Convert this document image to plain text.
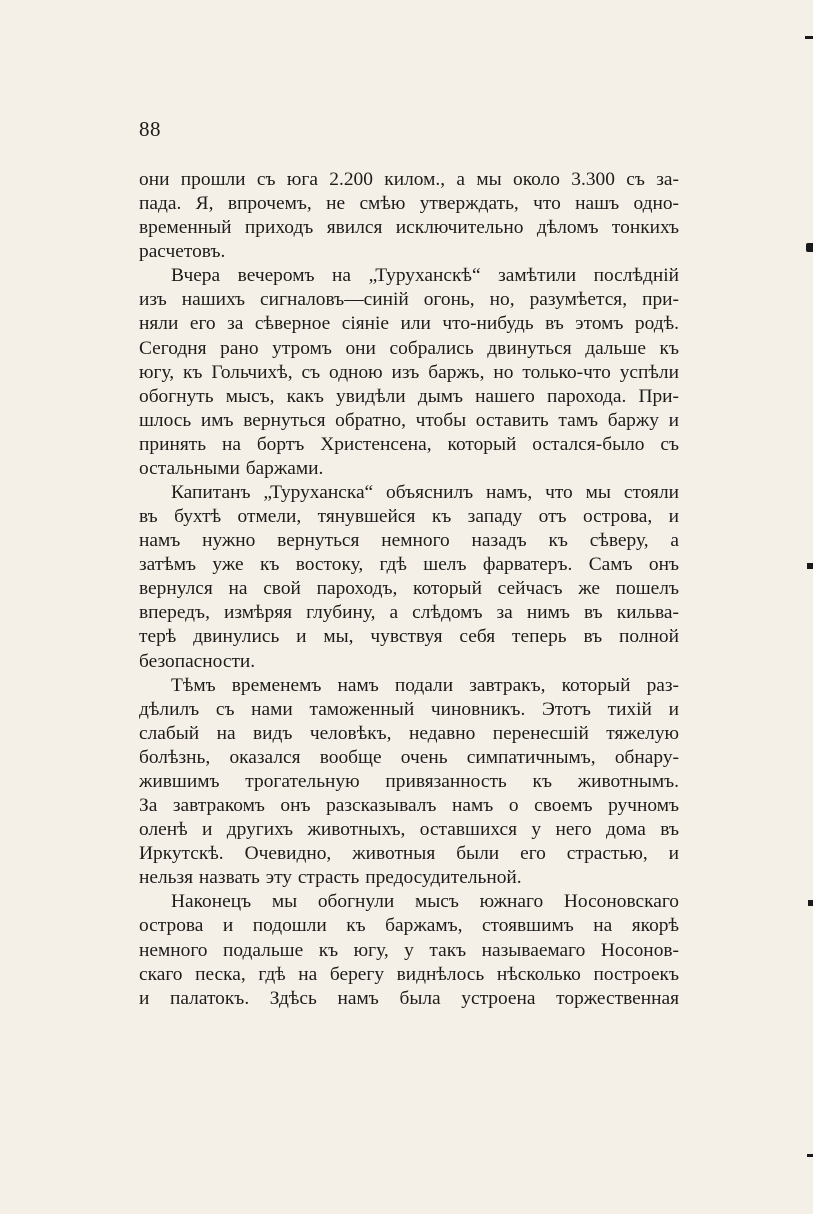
88
они прошли съ юга 2.200 килом., а мы около 3.300 съ за-
пада. Я, впрочемъ, не смѣю утверждать, что нашъ одно-
временный приходъ явился исключительно дѣломъ тонкихъ
расчетовъ.
Вчера вечеромъ на „Туруханскѣ“ замѣтили послѣдній
изъ нашихъ сигналовъ—синій огонь, но, разумѣется, при-
няли его за сѣверное сіяніе или что-нибудь въ этомъ родѣ.
Сегодня рано утромъ они собрались двинуться дальше къ
югу, къ Гольчихѣ, съ одною изъ баржъ, но только-что успѣли
обогнуть мысъ, какъ увидѣли дымъ нашего парохода. При-
шлось имъ вернуться обратно, чтобы оставить тамъ баржу и
принять на бортъ Христенсена, который остался-было съ
остальными баржами.
Капитанъ „Туруханска“ объяснилъ намъ, что мы стояли
въ бухтѣ отмели, тянувшейся къ западу отъ острова, и
намъ нужно вернуться немного назадъ къ сѣверу, а
затѣмъ уже къ востоку, гдѣ шелъ фарватеръ. Самъ онъ
вернулся на свой пароходъ, который сейчасъ же пошелъ
впередъ, измѣряя глубину, а слѣдомъ за нимъ въ кильва-
терѣ двинулись и мы, чувствуя себя теперь въ полной
безопасности.
Тѣмъ временемъ намъ подали завтракъ, который раз-
дѣлилъ съ нами таможенный чиновникъ. Этотъ тихій и
слабый на видъ человѣкъ, недавно перенесшій тяжелую
болѣзнь, оказался вообще очень симпатичнымъ, обнару-
жившимъ трогательную привязанность къ животнымъ.
За завтракомъ онъ разсказывалъ намъ о своемъ ручномъ
оленѣ и другихъ животныхъ, оставшихся у него дома въ
Иркутскѣ. Очевидно, животныя были его страстью, и
нельзя назвать эту страсть предосудительной.
Наконецъ мы обогнули мысъ южнаго Носоновскаго
острова и подошли къ баржамъ, стоявшимъ на якорѣ
немного подальше къ югу, у такъ называемаго Носонов-
скаго песка, гдѣ на берегу виднѣлось нѣсколько построекъ
и палатокъ. Здѣсь намъ была устроена торжественная
